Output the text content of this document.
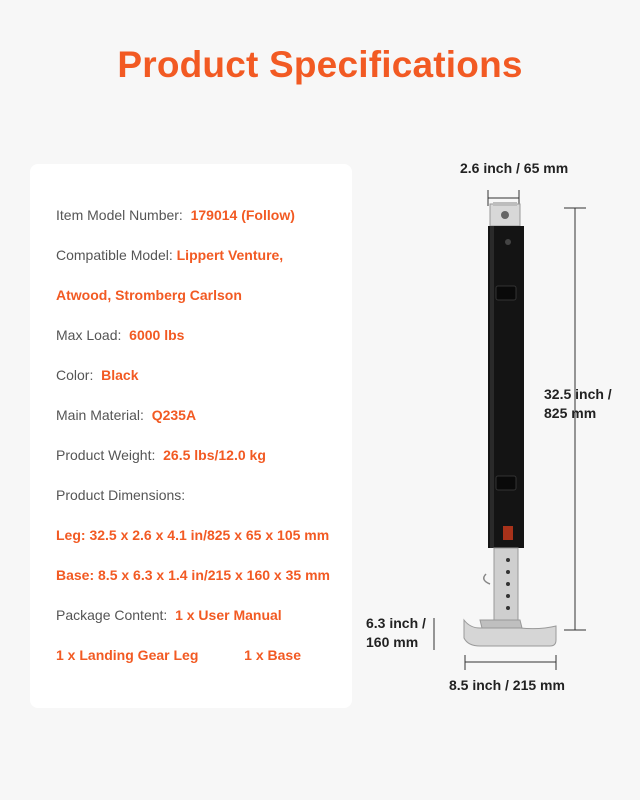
Product Specifications
Item Model Number: 179014 (Follow)
Compatible Model: Lippert Venture,
Atwood, Stromberg Carlson
Max Load: 6000 lbs
Color: Black
Main Material: Q235A
Product Weight: 26.5 lbs/12.0 kg
Product Dimensions:
Leg: 32.5 x 2.6 x 4.1 in/825 x 65 x 105 mm
Base: 8.5 x 6.3 x 1.4 in/215 x 160 x 35 mm
Package Content: 1 x User Manual
1 x Landing Gear Leg	1 x Base
2.6 inch / 65 mm
32.5 inch /
825 mm
6.3 inch /
160 mm
8.5 inch / 215 mm
